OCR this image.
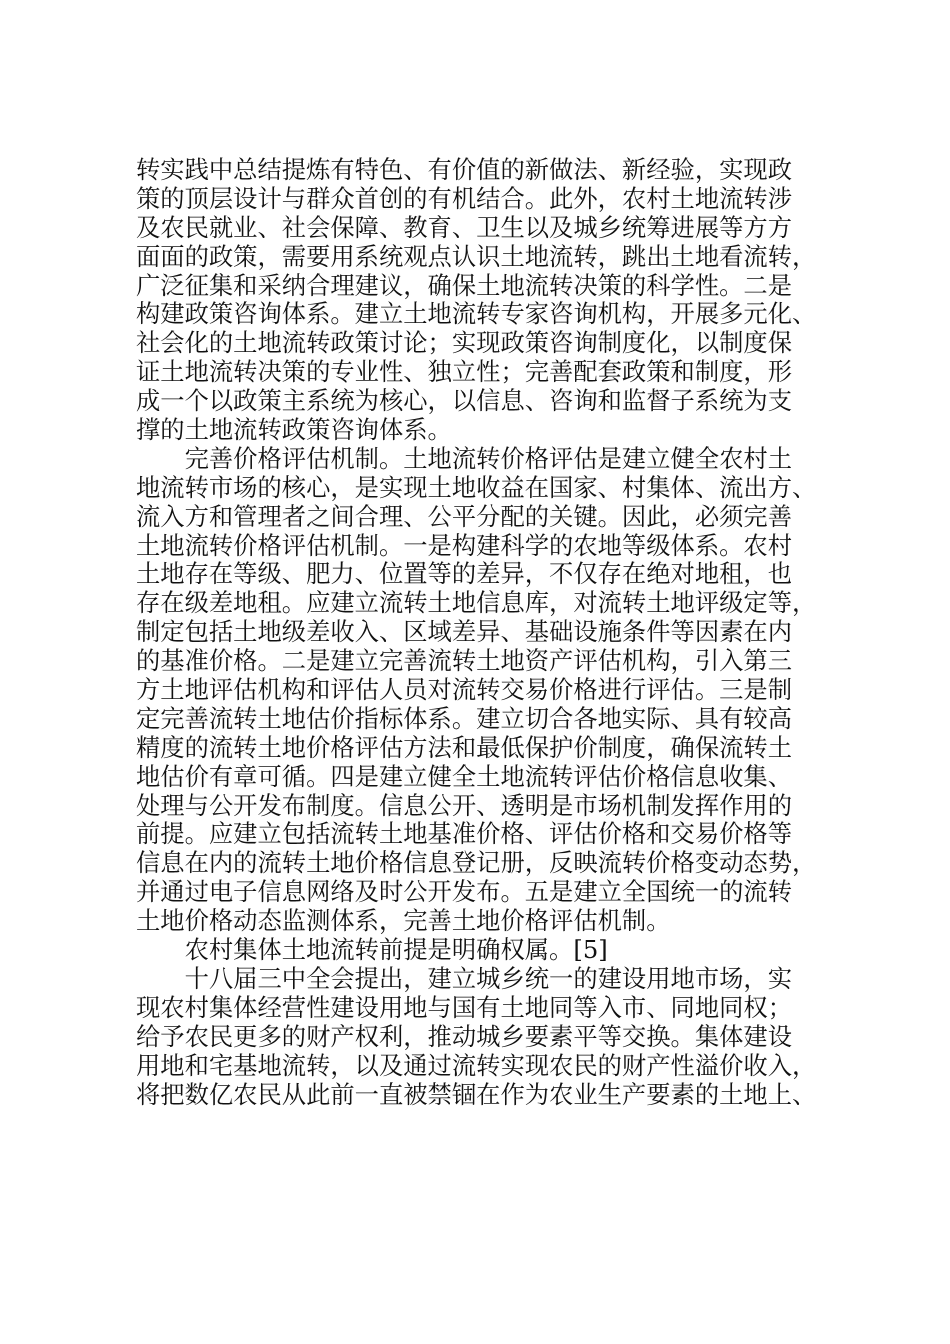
转实践中总结提炼有特色、有价值的新做法、新经验，实现政
策的顶层设计与群众首创的有机结合。此外，农村土地流转涉
及农民就业、社会保障、教育、卫生以及城乡统筹进展等方方
面面的政策，需要用系统观点认识土地流转，跳出土地看流转，
广泛征集和采纳合理建议，确保土地流转决策的科学性。二是
构建政策咨询体系。建立土地流转专家咨询机构，开展多元化、
社会化的土地流转政策讨论；实现政策咨询制度化，以制度保
证土地流转决策的专业性、独立性；完善配套政策和制度，形
成一个以政策主系统为核心，以信息、咨询和监督子系统为支
撑的土地流转政策咨询体系。
　　完善价格评估机制。土地流转价格评估是建立健全农村土
地流转市场的核心，是实现土地收益在国家、村集体、流出方、
流入方和管理者之间合理、公平分配的关键。因此，必须完善
土地流转价格评估机制。一是构建科学的农地等级体系。农村
土地存在等级、肥力、位置等的差异，不仅存在绝对地租，也
存在级差地租。应建立流转土地信息库，对流转土地评级定等，
制定包括土地级差收入、区域差异、基础设施条件等因素在内
的基准价格。二是建立完善流转土地资产评估机构，引入第三
方土地评估机构和评估人员对流转交易价格进行评估。三是制
定完善流转土地估价指标体系。建立切合各地实际、具有较高
精度的流转土地价格评估方法和最低保护价制度，确保流转土
地估价有章可循。四是建立健全土地流转评估价格信息收集、
处理与公开发布制度。信息公开、透明是市场机制发挥作用的
前提。应建立包括流转土地基准价格、评估价格和交易价格等
信息在内的流转土地价格信息登记册，反映流转价格变动态势，
并通过电子信息网络及时公开发布。五是建立全国统一的流转
土地价格动态监测体系，完善土地价格评估机制。
　　农村集体土地流转前提是明确权属。[5]
　　十八届三中全会提出，建立城乡统一的建设用地市场，实
现农村集体经营性建设用地与国有土地同等入市、同地同权；
给予农民更多的财产权利，推动城乡要素平等交换。集体建设
用地和宅基地流转，以及通过流转实现农民的财产性溢价收入，
将把数亿农民从此前一直被禁锢在作为农业生产要素的土地上、
